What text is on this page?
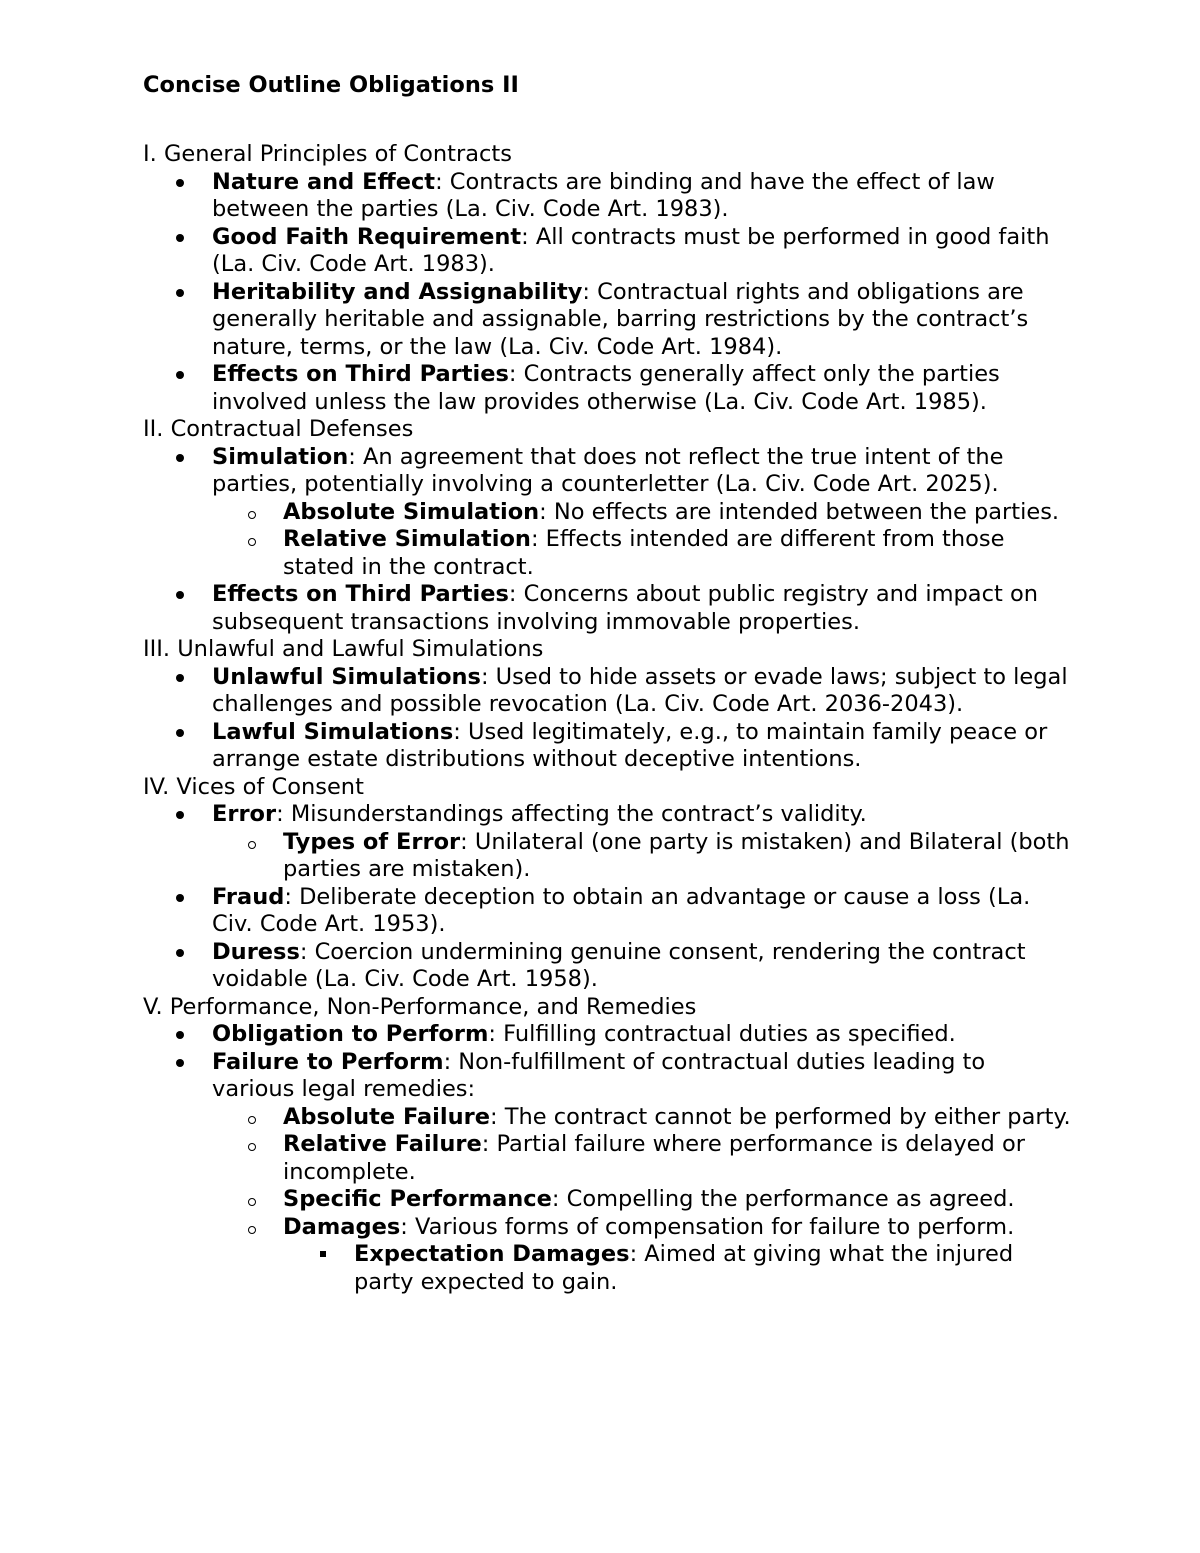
Concise Outline Obligations II
I. General Principles of Contracts
Nature and Effect: Contracts are binding and have the effect of law between the parties (La. Civ. Code Art. 1983).
Good Faith Requirement: All contracts must be performed in good faith (La. Civ. Code Art. 1983).
Heritability and Assignability: Contractual rights and obligations are generally heritable and assignable, barring restrictions by the contract’s nature, terms, or the law (La. Civ. Code Art. 1984).
Effects on Third Parties: Contracts generally affect only the parties involved unless the law provides otherwise (La. Civ. Code Art. 1985).
II. Contractual Defenses
Simulation: An agreement that does not reflect the true intent of the parties, potentially involving a counterletter (La. Civ. Code Art. 2025).
Absolute Simulation: No effects are intended between the parties.
Relative Simulation: Effects intended are different from those stated in the contract.
Effects on Third Parties: Concerns about public registry and impact on subsequent transactions involving immovable properties.
III. Unlawful and Lawful Simulations
Unlawful Simulations: Used to hide assets or evade laws; subject to legal challenges and possible revocation (La. Civ. Code Art. 2036-2043).
Lawful Simulations: Used legitimately, e.g., to maintain family peace or arrange estate distributions without deceptive intentions.
IV. Vices of Consent
Error: Misunderstandings affecting the contract’s validity.
Types of Error: Unilateral (one party is mistaken) and Bilateral (both parties are mistaken).
Fraud: Deliberate deception to obtain an advantage or cause a loss (La. Civ. Code Art. 1953).
Duress: Coercion undermining genuine consent, rendering the contract voidable (La. Civ. Code Art. 1958).
V. Performance, Non-Performance, and Remedies
Obligation to Perform: Fulfilling contractual duties as specified.
Failure to Perform: Non-fulfillment of contractual duties leading to various legal remedies:
Absolute Failure: The contract cannot be performed by either party.
Relative Failure: Partial failure where performance is delayed or incomplete.
Specific Performance: Compelling the performance as agreed.
Damages: Various forms of compensation for failure to perform.
Expectation Damages: Aimed at giving what the injured party expected to gain.
